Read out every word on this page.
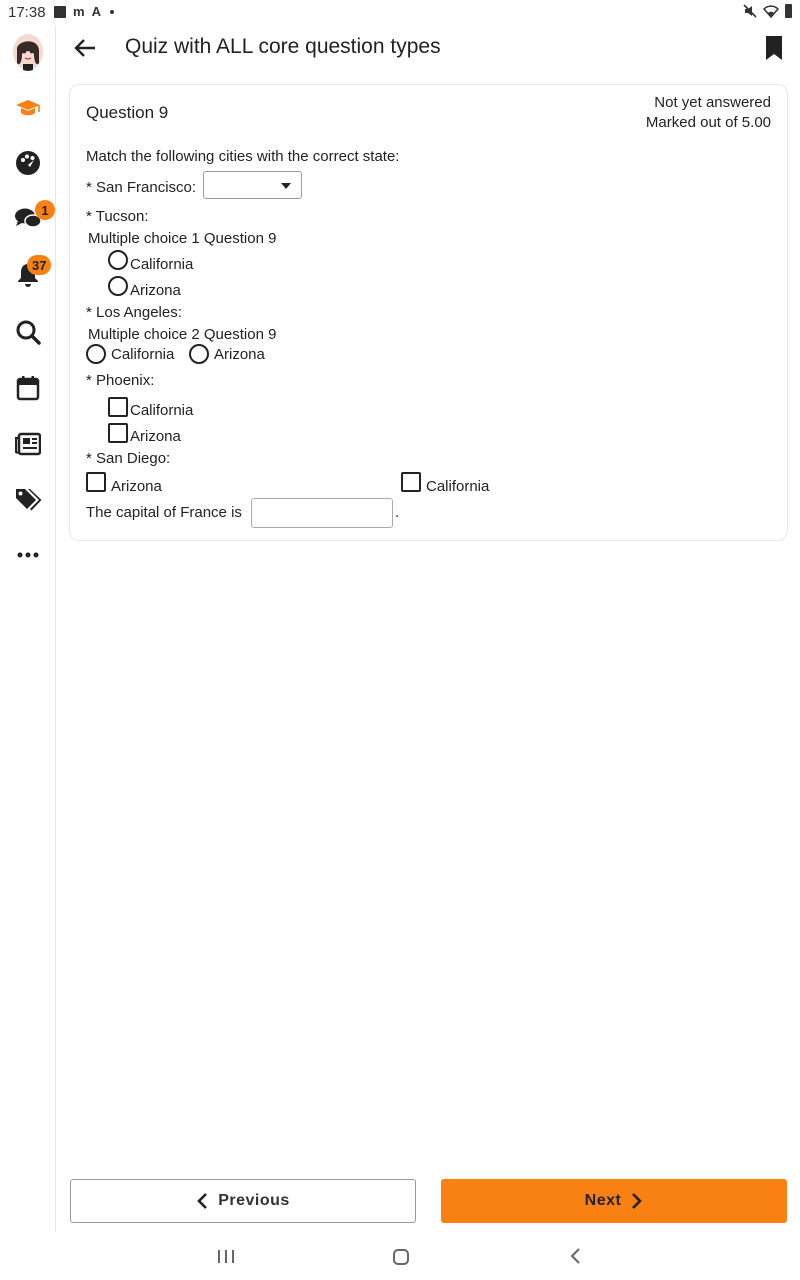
17:38 m A
1
37
Quiz with ALL core question types
Question 9
Not yet answered
Marked out of 5.00
Match the following cities with the correct state:
* San Francisco:
* Tucson:
Multiple choice 1 Question 9
California
Arizona
* Los Angeles:
Multiple choice 2 Question 9
California	Arizona
* Phoenix:
California
Arizona
* San Diego:
Arizona	California
The capital of France is	.
Previous	Next
